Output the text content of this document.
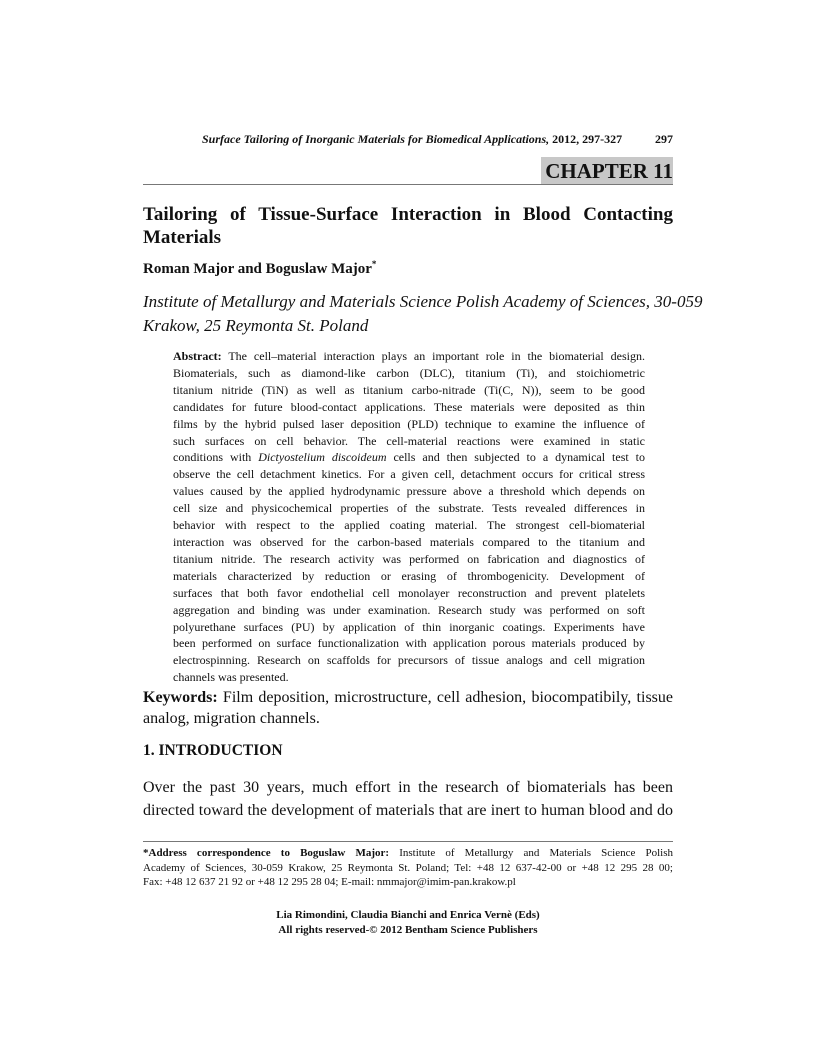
Surface Tailoring of Inorganic Materials for Biomedical Applications, 2012, 297-327	297
CHAPTER 11
Tailoring of Tissue-Surface Interaction in Blood Contacting
Materials
Roman Major and Boguslaw Major*
Institute of Metallurgy and Materials Science Polish Academy of Sciences, 30-059
Krakow, 25 Reymonta St. Poland
Abstract: The cell–material interaction plays an important role in the biomaterial design.
Biomaterials, such as diamond-like carbon (DLC), titanium (Ti), and stoichiometric
titanium nitride (TiN) as well as titanium carbo-nitrade (Ti(C, N)), seem to be good
candidates for future blood-contact applications. These materials were deposited as thin
films by the hybrid pulsed laser deposition (PLD) technique to examine the influence of
such surfaces on cell behavior. The cell-material reactions were examined in static
conditions with Dictyostelium discoideum cells and then subjected to a dynamical test to
observe the cell detachment kinetics. For a given cell, detachment occurs for critical stress
values caused by the applied hydrodynamic pressure above a threshold which depends on
cell size and physicochemical properties of the substrate. Tests revealed differences in
behavior with respect to the applied coating material. The strongest cell-biomaterial
interaction was observed for the carbon-based materials compared to the titanium and
titanium nitride. The research activity was performed on fabrication and diagnostics of
materials characterized by reduction or erasing of thrombogenicity. Development of
surfaces that both favor endothelial cell monolayer reconstruction and prevent platelets
aggregation and binding was under examination. Research study was performed on soft
polyurethane surfaces (PU) by application of thin inorganic coatings. Experiments have
been performed on surface functionalization with application porous materials produced by
electrospinning. Research on scaffolds for precursors of tissue analogs and cell migration
channels was presented.
Keywords: Film deposition, microstructure, cell adhesion, biocompatibily, tissue
analog, migration channels.
1. INTRODUCTION
Over the past 30 years, much effort in the research of biomaterials has been
directed toward the development of materials that are inert to human blood and do
*Address correspondence to Boguslaw Major: Institute of Metallurgy and Materials Science Polish
Academy of Sciences, 30-059 Krakow, 25 Reymonta St. Poland; Tel: +48 12 637-42-00 or +48 12 295 28 00;
Fax: +48 12 637 21 92 or +48 12 295 28 04; E-mail: nmmajor@imim-pan.krakow.pl
Lia Rimondini, Claudia Bianchi and Enrica Vernè (Eds)
All rights reserved-© 2012 Bentham Science Publishers
